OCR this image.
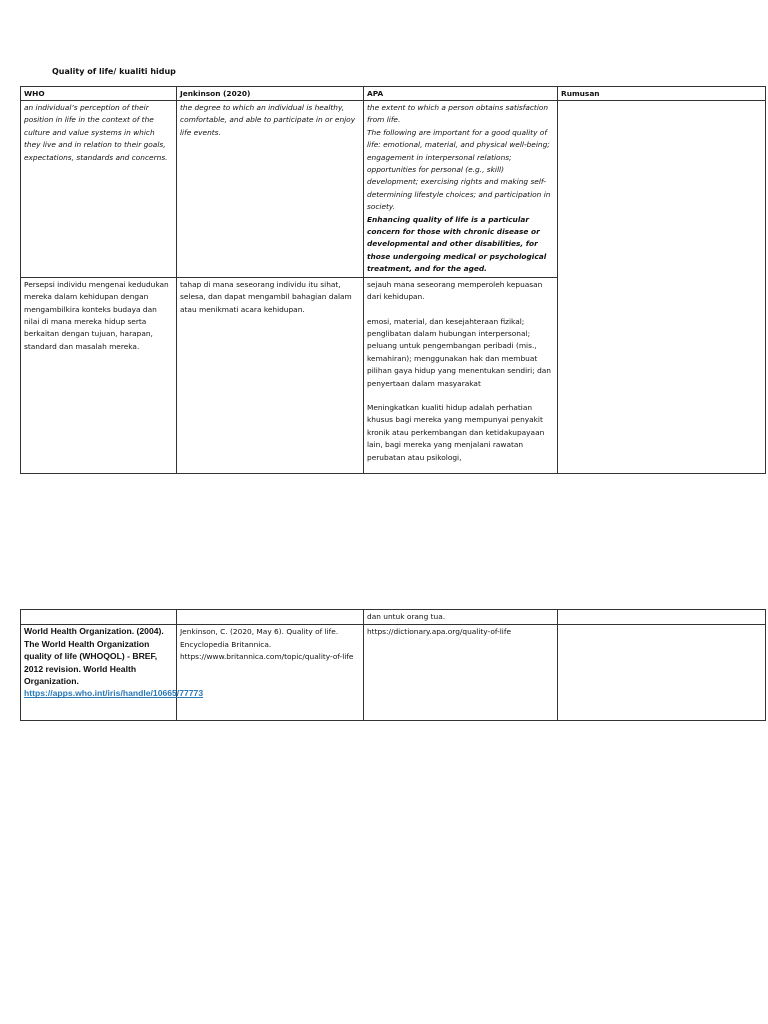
Quality of life/ kualiti hidup
WHO	Jenkinson (2020)	APA	Rumusan
an individual’s perception of their position in life in the context of the culture and value systems in which they live and in relation to their goals, expectations, standards and concerns.	the degree to which an individual is healthy, comfortable, and able to participate in or enjoy life events.	the extent to which a person obtains satisfaction from life.
The following are important for a good quality of life: emotional, material, and physical well-being; engagement in interpersonal relations; opportunities for personal (e.g., skill) development; exercising rights and making self-determining lifestyle choices; and participation in society.
Enhancing quality of life is a particular concern for those with chronic disease or developmental and other disabilities, for those undergoing medical or psychological treatment, and for the aged.	
Persepsi individu mengenai kedudukan mereka dalam kehidupan dengan mengambilkira konteks budaya dan nilai di mana mereka hidup serta berkaitan dengan tujuan, harapan, standard dan masalah mereka.	tahap di mana seseorang individu itu sihat, selesa, dan dapat mengambil bahagian dalam atau menikmati acara kehidupan.	sejauh mana seseorang memperoleh kepuasan dari kehidupan.
emosi, material, dan kesejahteraan fizikal; penglibatan dalam hubungan interpersonal; peluang untuk pengembangan peribadi (mis., kemahiran); menggunakan hak dan membuat pilihan gaya hidup yang menentukan sendiri; dan penyertaan dalam masyarakat
Meningkatkan kualiti hidup adalah perhatian khusus bagi mereka yang mempunyai penyakit kronik atau perkembangan dan ketidakupayaan lain, bagi mereka yang menjalani rawatan perubatan atau psikologi,	
		dan untuk orang tua.	
World Health Organization. (2004). The World Health Organization quality of life (WHOQOL) - BREF, 2012 revision. World Health Organization. https://apps.who.int/iris/handle/10665/77773	Jenkinson, C. (2020, May 6). Quality of life. Encyclopedia Britannica. https://www.britannica.com/topic/quality-of-life	https://dictionary.apa.org/quality-of-life	
